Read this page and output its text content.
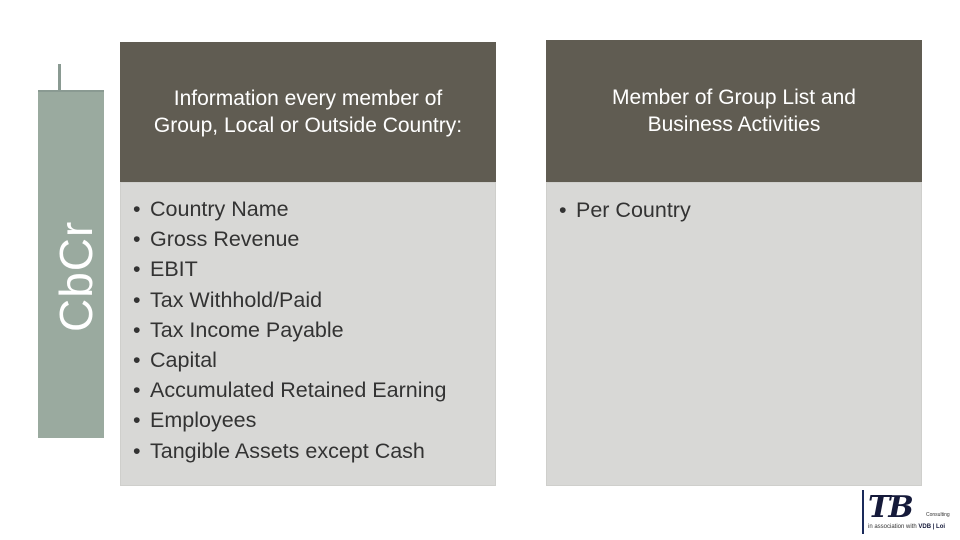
CbCr
Information every member of Group, Local or Outside Country:
• Country Name
• Gross Revenue
• EBIT
• Tax Withhold/Paid
• Tax Income Payable
• Capital
• Accumulated Retained Earning
• Employees
• Tangible Assets except Cash
Member of Group List and Business Activities
• Per Country
TB	Consulting
in association with VDB | Loi
